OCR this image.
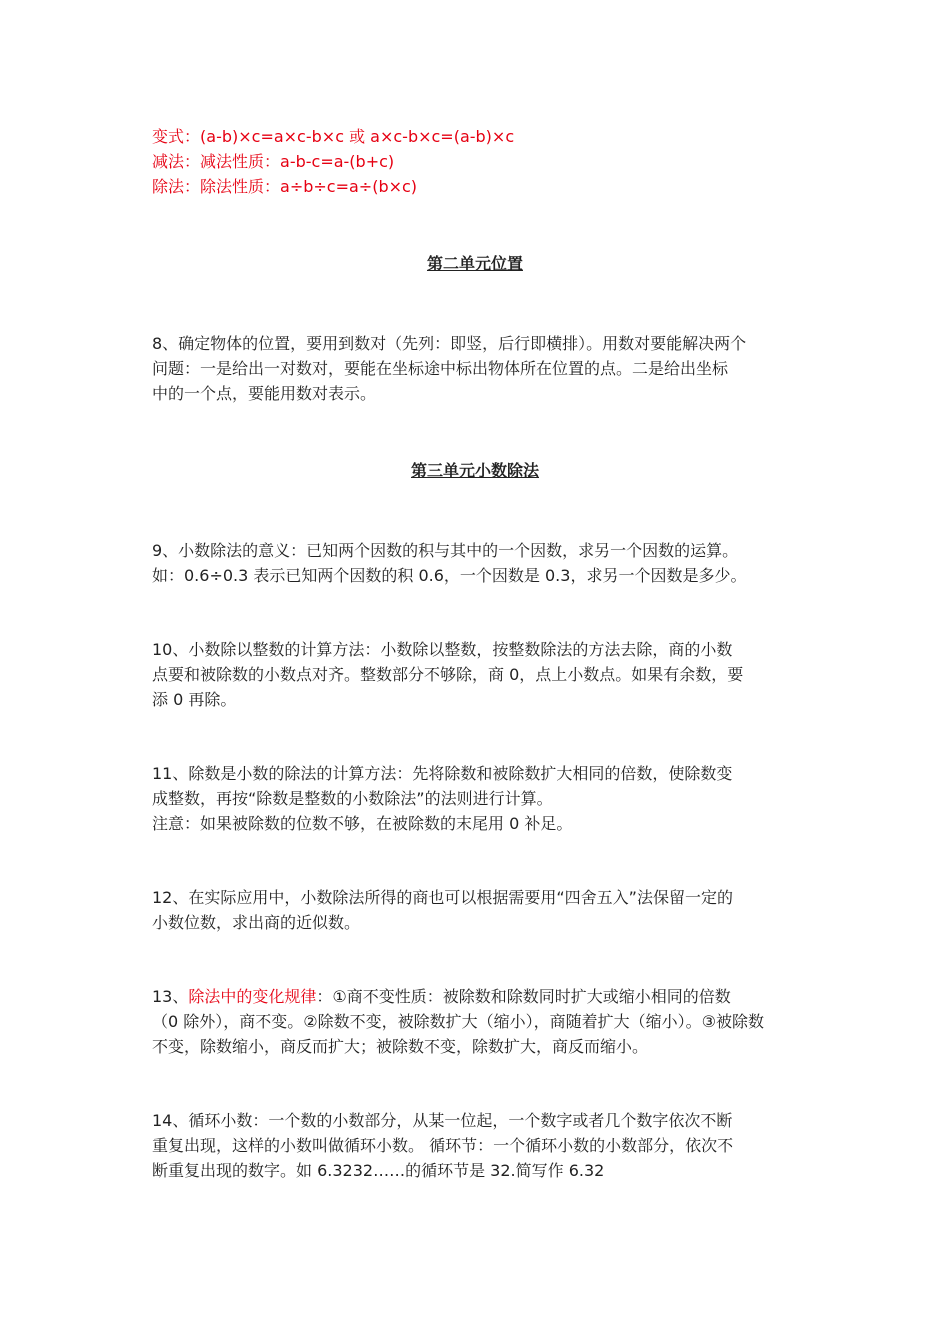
变式：(a-b)×c=a×c-b×c 或 a×c-b×c=(a-b)×c

减法：减法性质：a-b-c=a-(b+c)

除法：除法性质：a÷b÷c=a÷(b×c)

第二单元位置

8、确定物体的位置，要用到数对（先列：即竖，后行即横排）。用数对要能解决两个

问题：一是给出一对数对，要能在坐标途中标出物体所在位置的点。二是给出坐标

中的一个点，要能用数对表示。

第三单元小数除法

9、小数除法的意义：已知两个因数的积与其中的一个因数，求另一个因数的运算。

如：0.6÷0.3 表示已知两个因数的积 0.6，一个因数是 0.3，求另一个因数是多少。

10、小数除以整数的计算方法：小数除以整数，按整数除法的方法去除，商的小数

点要和被除数的小数点对齐。整数部分不够除，商 0，点上小数点。如果有余数，要

添 0 再除。

11、除数是小数的除法的计算方法：先将除数和被除数扩大相同的倍数，使除数变

成整数，再按“除数是整数的小数除法”的法则进行计算。

注意：如果被除数的位数不够，在被除数的末尾用 0 补足。

12、在实际应用中，小数除法所得的商也可以根据需要用“四舍五入”法保留一定的

小数位数，求出商的近似数。

13、除法中的变化规律：①商不变性质：被除数和除数同时扩大或缩小相同的倍数

（0 除外），商不变。②除数不变，被除数扩大（缩小），商随着扩大（缩小）。③被除数

不变，除数缩小，商反而扩大；被除数不变，除数扩大，商反而缩小。

14、循环小数：一个数的小数部分，从某一位起，一个数字或者几个数字依次不断

重复出现，这样的小数叫做循环小数。 循环节：一个循环小数的小数部分，依次不

断重复出现的数字。如 6.3232……的循环节是 32.简写作 6.32
